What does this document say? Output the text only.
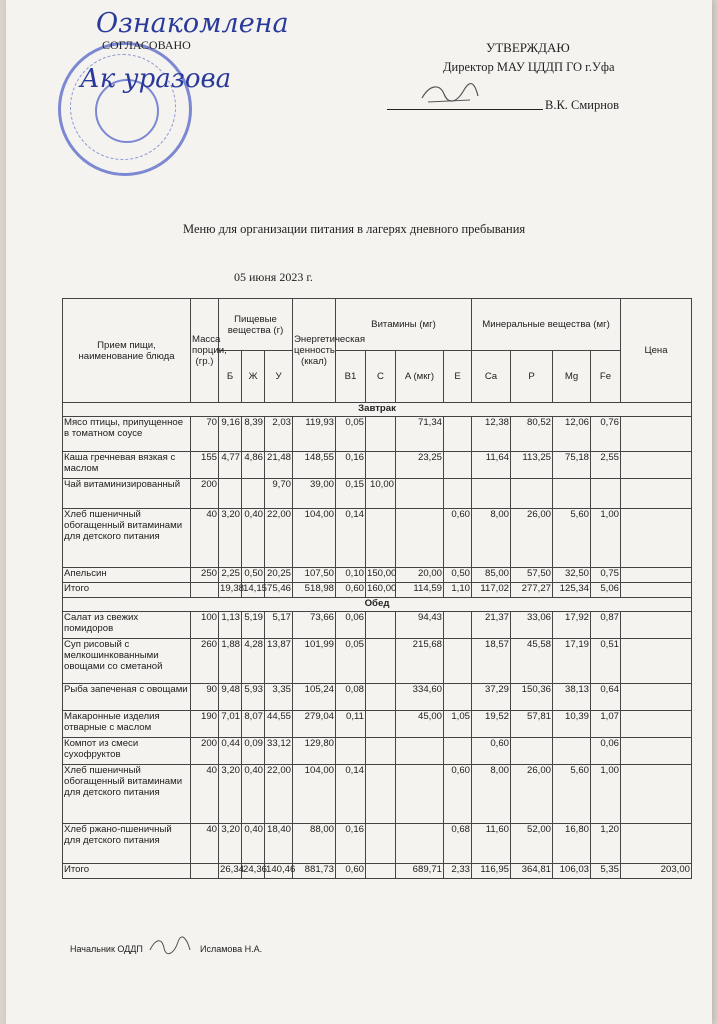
Ознакомлена
СОГЛАСОВАНО
Ак уразова
УТВЕРЖДАЮ
Директор МАУ ЦДДП ГО г.Уфа
В.К. Смирнов
Меню для организации питания в лагерях дневного пребывания
05 июня 2023 г.
Прием пищи, наименование блюда	Масса порции, (гр.)	Пищевые вещества (г)			Энергетическая ценность (ккал)	Витамины (мг)				Минеральные вещества (мг)				Цена
		Б	Ж	У		B1	C	A (мкг)	E	Ca	P	Mg	Fe	
Завтрак														
Мясо птицы, припущенное в томатном соусе	70	9,16	8,39	2,03	119,93	0,05		71,34		12,38	80,52	12,06	0,76	
Каша гречневая вязкая с маслом	155	4,77	4,86	21,48	148,55	0,16		23,25		11,64	113,25	75,18	2,55	
Чай витаминизированный	200			9,70	39,00	0,15	10,00							
Хлеб пшеничный обогащенный витаминами для детского питания	40	3,20	0,40	22,00	104,00	0,14			0,60	8,00	26,00	5,60	1,00	
Апельсин	250	2,25	0,50	20,25	107,50	0,10	150,00	20,00	0,50	85,00	57,50	32,50	0,75	
Итого		19,38	14,15	75,46	518,98	0,60	160,00	114,59	1,10	117,02	277,27	125,34	5,06	
Обед														
Салат из свежих помидоров	100	1,13	5,19	5,17	73,66	0,06		94,43		21,37	33,06	17,92	0,87	
Суп рисовый с мелкошинкованными овощами со сметаной	260	1,88	4,28	13,87	101,99	0,05		215,68		18,57	45,58	17,19	0,51	
Рыба запеченая с овощами	90	9,48	5,93	3,35	105,24	0,08		334,60		37,29	150,36	38,13	0,64	
Макаронные изделия отварные с маслом	190	7,01	8,07	44,55	279,04	0,11		45,00	1,05	19,52	57,81	10,39	1,07	
Компот из смеси сухофруктов	200	0,44	0,09	33,12	129,80					0,60			0,06	
Хлеб пшеничный обогащенный витаминами для детского питания	40	3,20	0,40	22,00	104,00	0,14			0,60	8,00	26,00	5,60	1,00	
Хлеб ржано-пшеничный для детского питания	40	3,20	0,40	18,40	88,00	0,16			0,68	11,60	52,00	16,80	1,20	
Итого		26,34	24,36	140,46	881,73	0,60		689,71	2,33	116,95	364,81	106,03	5,35	203,00
Начальник ОДДП	Исламова Н.А.
